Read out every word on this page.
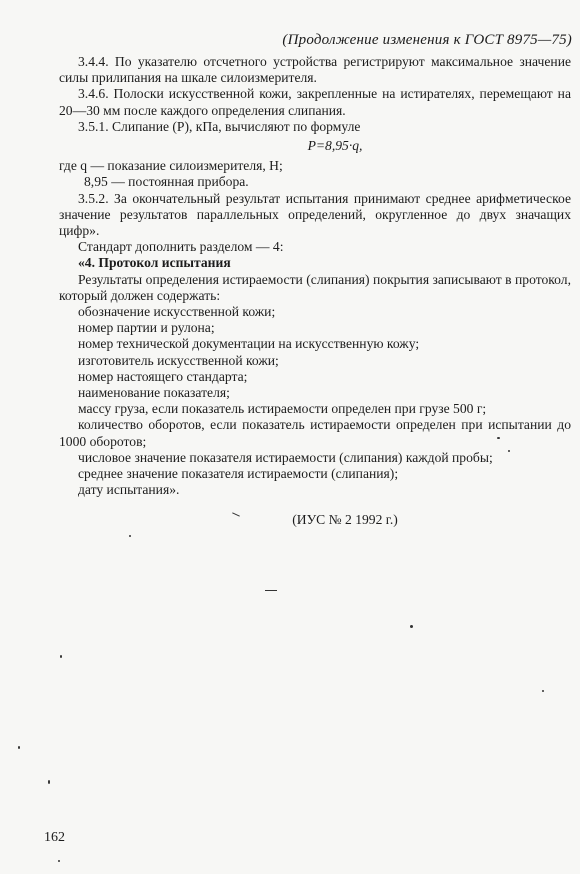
(Продолжение изменения к ГОСТ 8975—75)

3.4.4. По указателю отсчетного устройства регистрируют максимальное значение силы прилипания на шкале силоизмерителя.

3.4.6. Полоски искусственной кожи, закрепленные на истирателях, перемещают на 20—30 мм после каждого определения слипания.

3.5.1. Слипание (P), кПа, вычисляют по формуле

P=8,95·q,

где q — показание силоизмерителя, Н;

8,95 — постоянная прибора.

3.5.2. За окончательный результат испытания принимают среднее арифметическое значение результатов параллельных определений, округленное до двух значащих цифр».

Стандарт дополнить разделом — 4:

«4. Протокол испытания

Результаты определения истираемости (слипания) покрытия записывают в протокол, который должен содержать:

обозначение искусственной кожи;

номер партии и рулона;

номер технической документации на искусственную кожу;

изготовитель искусственной кожи;

номер настоящего стандарта;

наименование показателя;

массу груза, если показатель истираемости определен при грузе 500 г;

количество оборотов, если показатель истираемости определен при испытании до 1000 оборотов;

числовое значение показателя истираемости (слипания) каждой пробы;

среднее значение показателя истираемости (слипания);

дату испытания».

(ИУС № 2 1992 г.)
162
